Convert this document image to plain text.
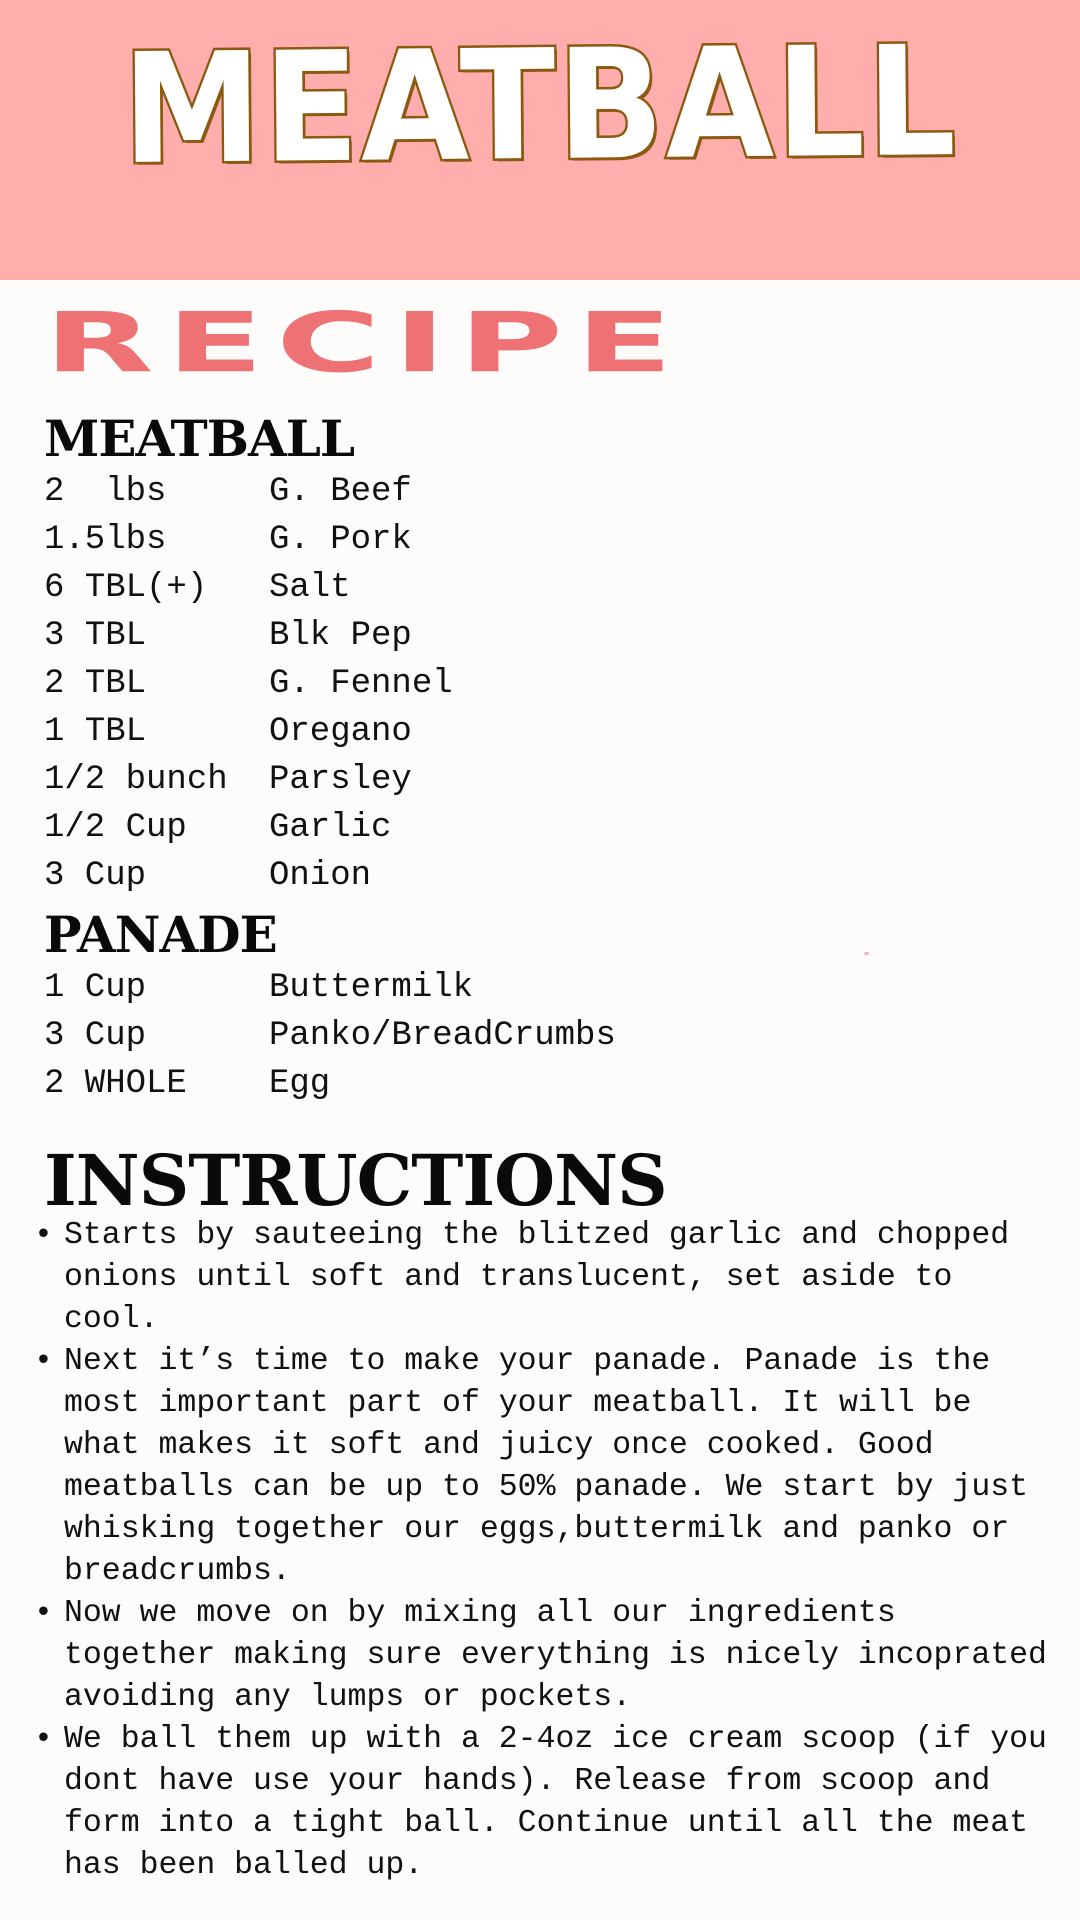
MEATBALL
RECIPE
MEATBALL
2  lbs	G. Beef
1.5lbs	G. Pork
6 TBL(+)	Salt
3 TBL	Blk Pep
2 TBL	G. Fennel
1 TBL	Oregano
1/2 bunch	Parsley
1/2 Cup	Garlic
3 Cup	Onion
PANADE
1 Cup	Buttermilk
3 Cup	Panko/BreadCrumbs
2 WHOLE	Egg
INSTRUCTIONS
• Starts by sauteeing the blitzed garlic and chopped onions until soft and translucent, set aside to cool.
• Next it’s time to make your panade. Panade is the most important part of your meatball. It will be what makes it soft and juicy once cooked. Good meatballs can be up to 50% panade. We start by just whisking together our eggs,buttermilk and panko or breadcrumbs.
• Now we move on by mixing all our ingredients together making sure everything is nicely incoprated avoiding any lumps or pockets.
• We ball them up with a 2-4oz ice cream scoop (if you dont have use your hands). Release from scoop and form into a tight ball. Continue until all the meat has been balled up.
